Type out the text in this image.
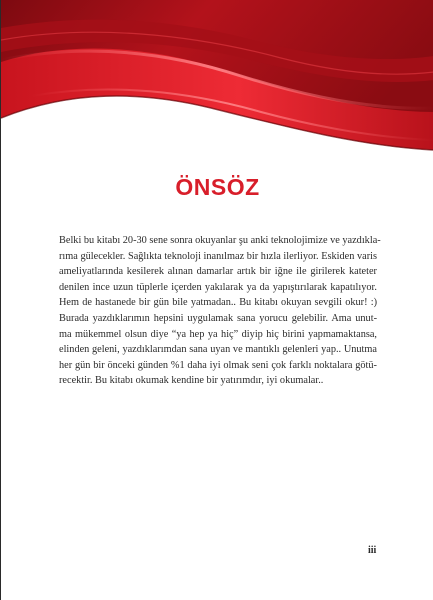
ÖNSÖZ
Belki bu kitabı 20-30 sene sonra okuyanlar şu anki teknolojimize ve yazdıkla-
rıma gülecekler. Sağlıkta teknoloji inanılmaz bir hızla ilerliyor. Eskiden varis
ameliyatlarında kesilerek alınan damarlar artık bir iğne ile girilerek kateter
denilen ince uzun tüplerle içerden yakılarak ya da yapıştırılarak kapatılıyor.
Hem de hastanede bir gün bile yatmadan.. Bu kitabı okuyan sevgili okur! :)
Burada yazdıklarımın hepsini uygulamak sana yorucu gelebilir. Ama unut-
ma mükemmel olsun diye “ya hep ya hiç” diyip hiç birini yapmamaktansa,
elinden geleni, yazdıklarımdan sana uyan ve mantıklı gelenleri yap.. Unutma
her gün bir önceki günden %1 daha iyi olmak seni çok farklı noktalara götü-
recektir. Bu kitabı okumak kendine bir yatırımdır, iyi okumalar..
iii
